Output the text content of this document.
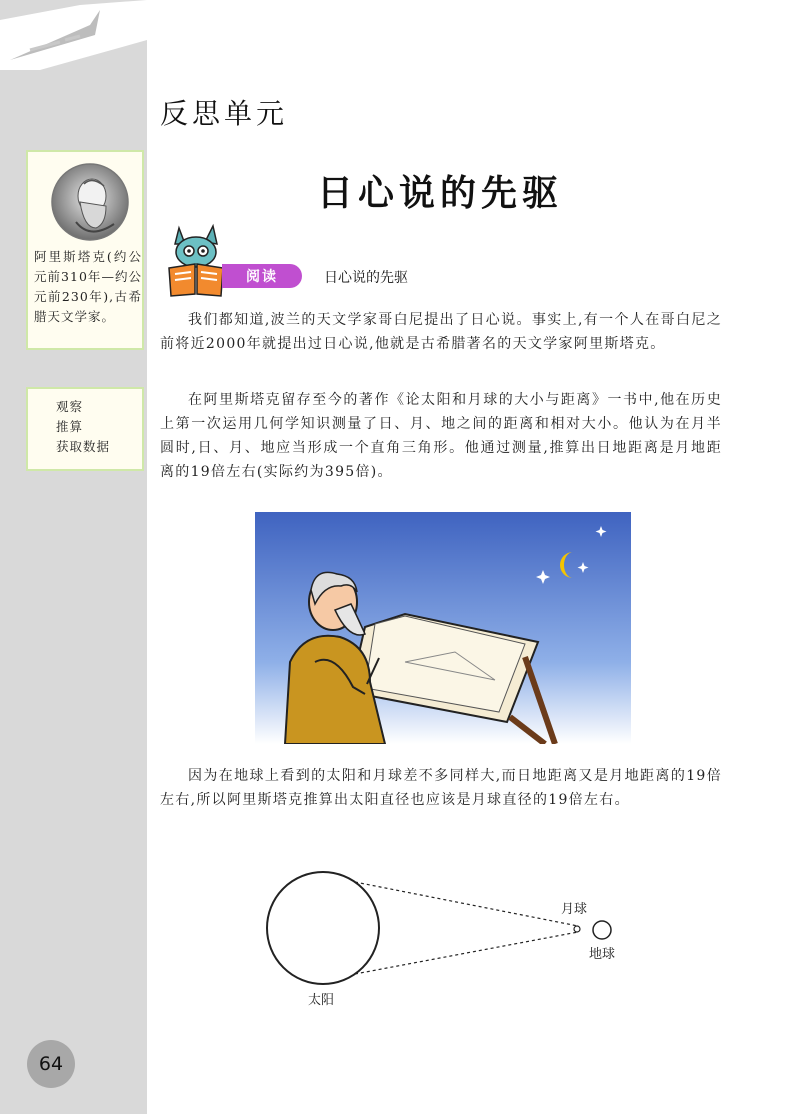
阿里斯塔克(约公元前310年—约公元前230年),古希腊天文学家。
观察
推算
获取数据
64
反思单元
日心说的先驱
阅读	日心说的先驱

我们都知道,波兰的天文学家哥白尼提出了日心说。事实上,有一个人在哥白尼之前将近2000年就提出过日心说,他就是古希腊著名的天文学家阿里斯塔克。

在阿里斯塔克留存至今的著作《论太阳和月球的大小与距离》一书中,他在历史上第一次运用几何学知识测量了日、月、地之间的距离和相对大小。他认为在月半圆时,日、月、地应当形成一个直角三角形。他通过测量,推算出日地距离是月地距离的19倍左右(实际约为395倍)。

因为在地球上看到的太阳和月球差不多同样大,而日地距离又是月地距离的19倍左右,所以阿里斯塔克推算出太阳直径也应该是月球直径的19倍左右。

太阳
月球
地球
